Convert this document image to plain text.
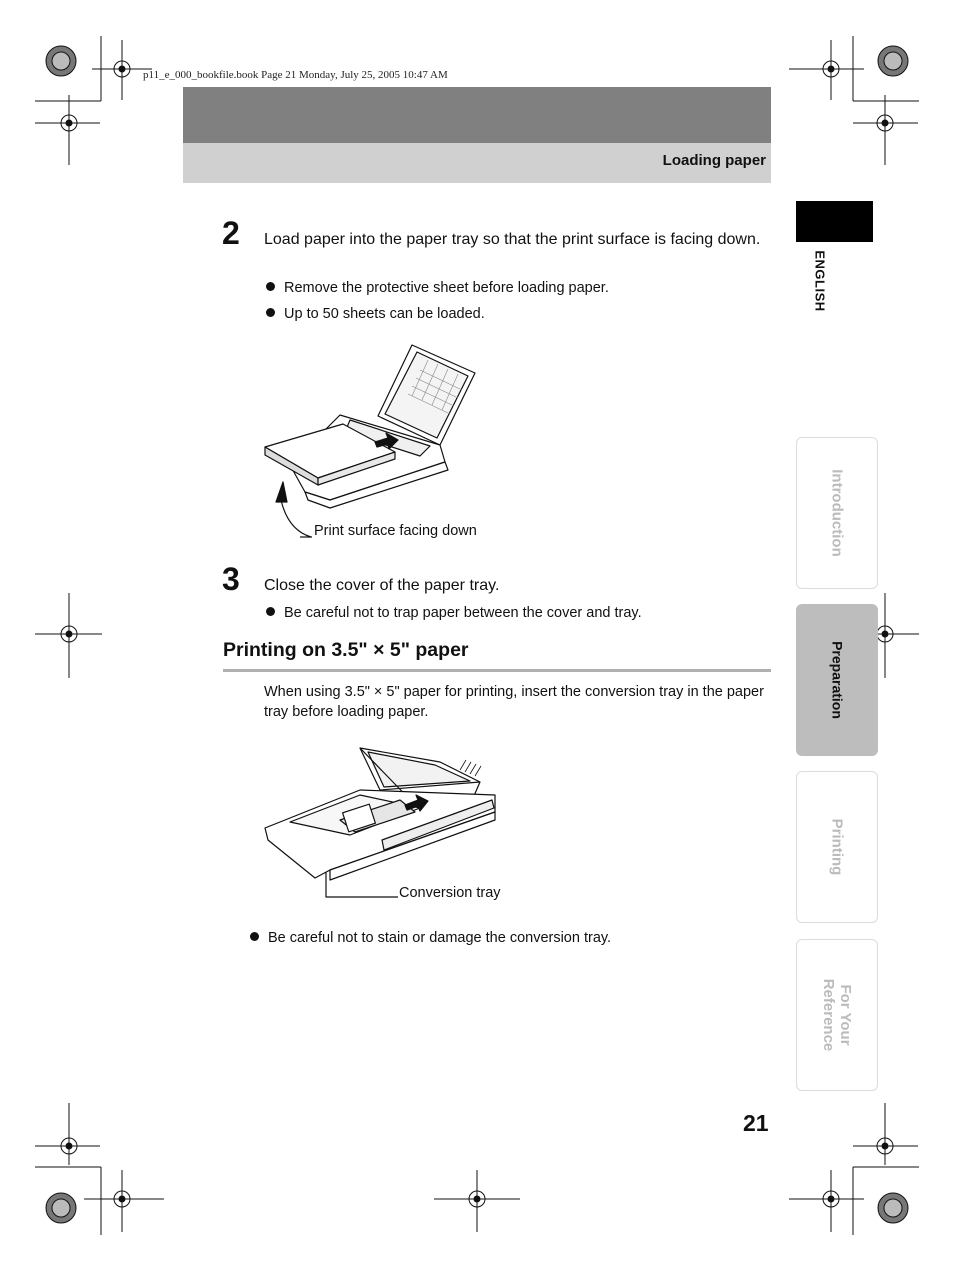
p11_e_000_bookfile.book Page 21 Monday, July 25, 2005 10:47 AM
Loading paper
ENGLISH
Introduction
Preparation
Printing
For Your Reference
2 Load paper into the paper tray so that the print surface is facing down.
Remove the protective sheet before loading paper.
Up to 50 sheets can be loaded.
Print surface facing down
3 Close the cover of the paper tray.
Be careful not to trap paper between the cover and tray.
Printing on 3.5" × 5" paper
When using 3.5" × 5" paper for printing, insert the conversion tray in the paper tray before loading paper.
Conversion tray
Be careful not to stain or damage the conversion tray.
21
